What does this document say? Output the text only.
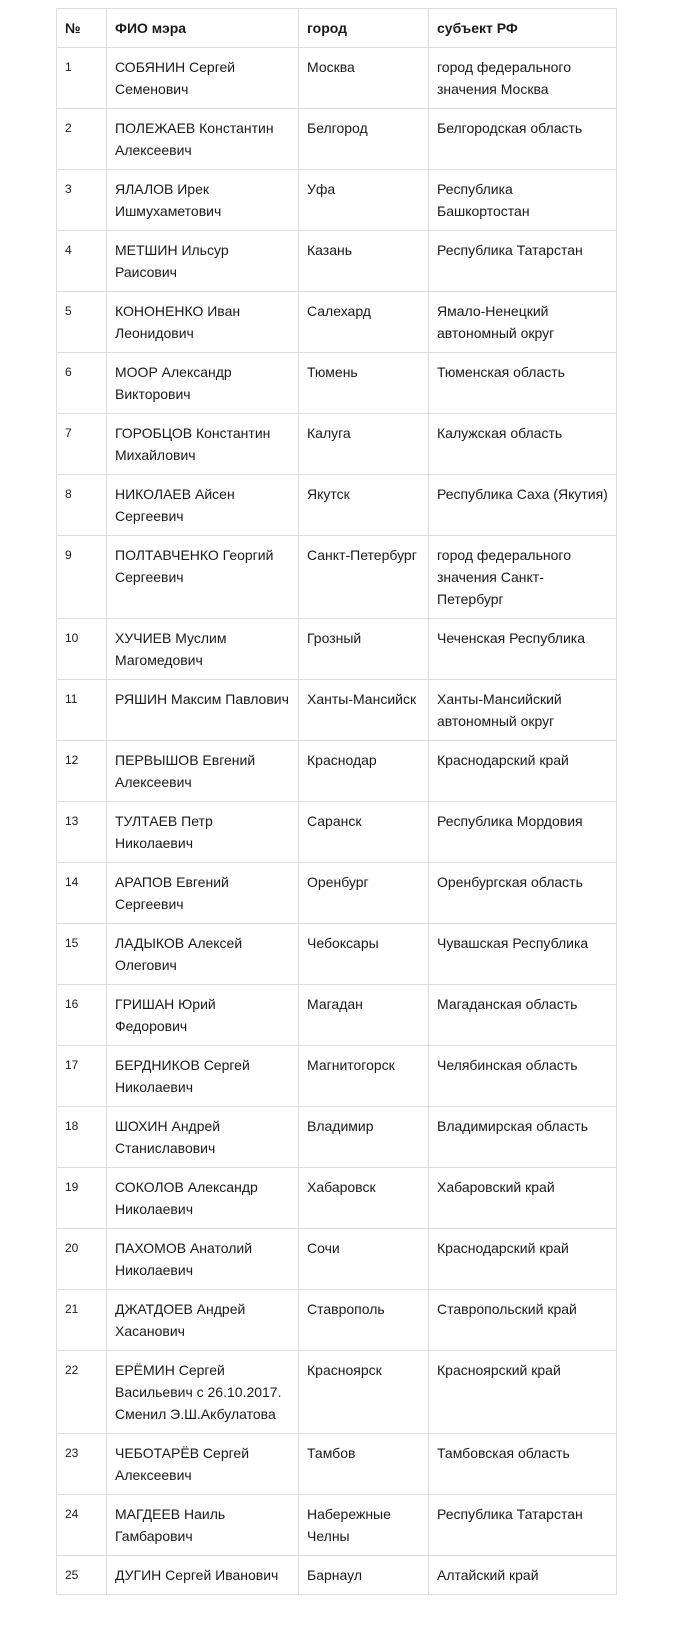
№	ФИО мэра	город	субъект РФ
1	СОБЯНИН Сергей Семенович	Москва	город федерального значения Москва
2	ПОЛЕЖАЕВ Константин Алексеевич	Белгород	Белгородская область
3	ЯЛАЛОВ Ирек Ишмухаметович	Уфа	Республика Башкортостан
4	МЕТШИН Ильсур Раисович	Казань	Республика Татарстан
5	КОНОНЕНКО Иван Леонидович	Салехард	Ямало-Ненецкий автономный округ
6	МООР Александр Викторович	Тюмень	Тюменская область
7	ГОРОБЦОВ Константин Михайлович	Калуга	Калужская область
8	НИКОЛАЕВ Айсен Сергеевич	Якутск	Республика Саха (Якутия)
9	ПОЛТАВЧЕНКО Георгий Сергеевич	Санкт-Петербург	город федерального значения Санкт-Петербург
10	ХУЧИЕВ Муслим Магомедович	Грозный	Чеченская Республика
11	РЯШИН Максим Павлович	Ханты-Мансийск	Ханты-Мансийский автономный округ
12	ПЕРВЫШОВ Евгений Алексеевич	Краснодар	Краснодарский край
13	ТУЛТАЕВ Петр Николаевич	Саранск	Республика Мордовия
14	АРАПОВ Евгений Сергеевич	Оренбург	Оренбургская область
15	ЛАДЫКОВ Алексей Олегович	Чебоксары	Чувашская Республика
16	ГРИШАН Юрий Федорович	Магадан	Магаданская область
17	БЕРДНИКОВ Сергей Николаевич	Магнитогорск	Челябинская область
18	ШОХИН Андрей Станиславович	Владимир	Владимирская область
19	СОКОЛОВ Александр Николаевич	Хабаровск	Хабаровский край
20	ПАХОМОВ Анатолий Николаевич	Сочи	Краснодарский край
21	ДЖАТДОЕВ Андрей Хасанович	Ставрополь	Ставропольский край
22	ЕРЁМИН Сергей Васильевич с 26.10.2017. Сменил Э.Ш.Акбулатова	Красноярск	Красноярский край
23	ЧЕБОТАРЁВ Сергей Алексеевич	Тамбов	Тамбовская область
24	МАГДЕЕВ Наиль Гамбарович	Набережные Челны	Республика Татарстан
25	ДУГИН Сергей Иванович	Барнаул	Алтайский край
